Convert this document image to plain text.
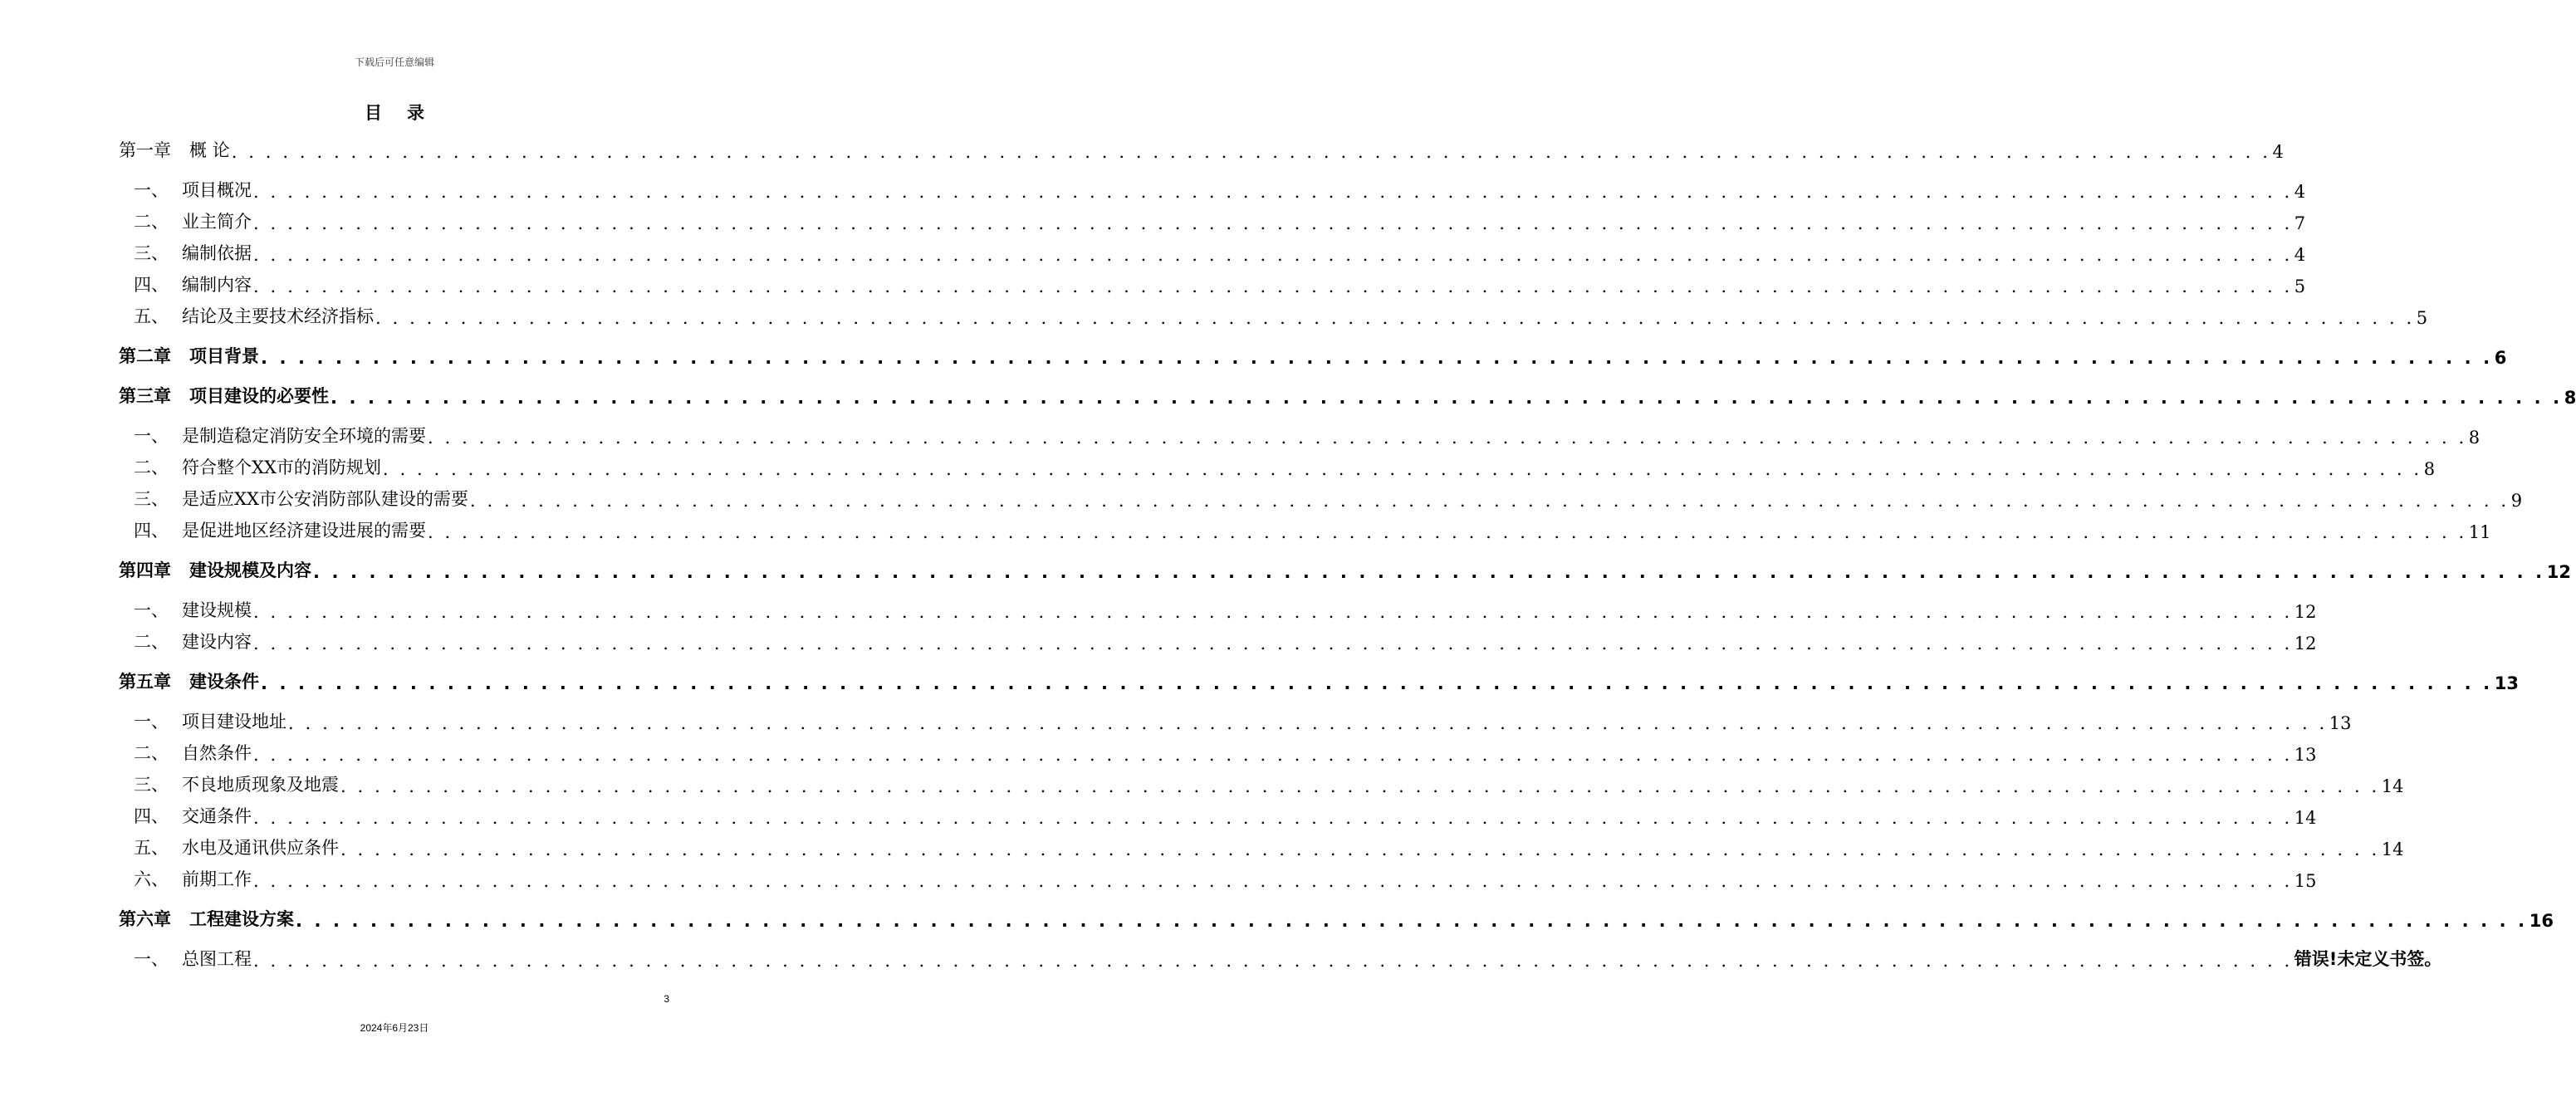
下载后可任意编辑
目录
第一章 概 论 . . . . . . . . . . . . . . . . . . . . . . . . . . . . . . . . . . . . . . . . . . . . . . . . . . . . . . . . . . . . . . . . . . . . . . . . . . . . . . . . . . . . . . . . . . . . . . . . . . . . . . . . . . . . . . . . . . . . . . . . 4
一、 项目概况 . . . . . . . . . . . . . . . . . . . . . . . . . . . . . . . . . . . . . . . . . . . . . . . . . . . . . . . . . . . . . . . . . . . . . . . . . . . . . . . . . . . . . . . . . . . . . . . . . . . . . . . . . . . . . . . . . . . . . . . . 4
二、 业主简介 . . . . . . . . . . . . . . . . . . . . . . . . . . . . . . . . . . . . . . . . . . . . . . . . . . . . . . . . . . . . . . . . . . . . . . . . . . . . . . . . . . . . . . . . . . . . . . . . . . . . . . . . . . . . . . . . . . . . . . . . 7
三、 编制依据 . . . . . . . . . . . . . . . . . . . . . . . . . . . . . . . . . . . . . . . . . . . . . . . . . . . . . . . . . . . . . . . . . . . . . . . . . . . . . . . . . . . . . . . . . . . . . . . . . . . . . . . . . . . . . . . . . . . . . . . . 4
四、 编制内容 . . . . . . . . . . . . . . . . . . . . . . . . . . . . . . . . . . . . . . . . . . . . . . . . . . . . . . . . . . . . . . . . . . . . . . . . . . . . . . . . . . . . . . . . . . . . . . . . . . . . . . . . . . . . . . . . . . . . . . . . 5
五、 结论及主要技术经济指标 . . . . . . . . . . . . . . . . . . . . . . . . . . . . . . . . . . . . . . . . . . . . . . . . . . . . . . . . . . . . . . . . . . . . . . . . . . . . . . . . . . . . . . . . . . . . . . . . . . . . . . . . . . . . . . . . . . . . . . . . 5
第二章 项目背景 . . . . . . . . . . . . . . . . . . . . . . . . . . . . . . . . . . . . . . . . . . . . . . . . . . . . . . . . . . . . . . . . . . . . . . . . . . . . . . . . . . . . . . . . . . . . . . . . . . . . . . . . . . . . . . . . . . . . . . . . 6
第三章 项目建设的必要性 . . . . . . . . . . . . . . . . . . . . . . . . . . . . . . . . . . . . . . . . . . . . . . . . . . . . . . . . . . . . . . . . . . . . . . . . . . . . . . . . . . . . . . . . . . . . . . . . . . . . . . . . . . . . . . . . . . . . . . . . 8
一、 是制造稳定消防安全环境的需要 . . . . . . . . . . . . . . . . . . . . . . . . . . . . . . . . . . . . . . . . . . . . . . . . . . . . . . . . . . . . . . . . . . . . . . . . . . . . . . . . . . . . . . . . . . . . . . . . . . . . . . . . . . . . . . . . . . . . . . . . 8
二、 符合整个XX市的消防规划 . . . . . . . . . . . . . . . . . . . . . . . . . . . . . . . . . . . . . . . . . . . . . . . . . . . . . . . . . . . . . . . . . . . . . . . . . . . . . . . . . . . . . . . . . . . . . . . . . . . . . . . . . . . . . . . . . . . . . . . . 8
三、 是适应XX市公安消防部队建设的需要 . . . . . . . . . . . . . . . . . . . . . . . . . . . . . . . . . . . . . . . . . . . . . . . . . . . . . . . . . . . . . . . . . . . . . . . . . . . . . . . . . . . . . . . . . . . . . . . . . . . . . . . . . . . . . . . . . . . . . . . . 9
四、 是促进地区经济建设进展的需要 . . . . . . . . . . . . . . . . . . . . . . . . . . . . . . . . . . . . . . . . . . . . . . . . . . . . . . . . . . . . . . . . . . . . . . . . . . . . . . . . . . . . . . . . . . . . . . . . . . . . . . . . . . . . . . . . . . . . . . . . 11
第四章 建设规模及内容 . . . . . . . . . . . . . . . . . . . . . . . . . . . . . . . . . . . . . . . . . . . . . . . . . . . . . . . . . . . . . . . . . . . . . . . . . . . . . . . . . . . . . . . . . . . . . . . . . . . . . . . . . . . . . . . . . . . . . . . . 12
一、 建设规模 . . . . . . . . . . . . . . . . . . . . . . . . . . . . . . . . . . . . . . . . . . . . . . . . . . . . . . . . . . . . . . . . . . . . . . . . . . . . . . . . . . . . . . . . . . . . . . . . . . . . . . . . . . . . . . . . . . . . . . . . 12
二、 建设内容 . . . . . . . . . . . . . . . . . . . . . . . . . . . . . . . . . . . . . . . . . . . . . . . . . . . . . . . . . . . . . . . . . . . . . . . . . . . . . . . . . . . . . . . . . . . . . . . . . . . . . . . . . . . . . . . . . . . . . . . . 12
第五章 建设条件 . . . . . . . . . . . . . . . . . . . . . . . . . . . . . . . . . . . . . . . . . . . . . . . . . . . . . . . . . . . . . . . . . . . . . . . . . . . . . . . . . . . . . . . . . . . . . . . . . . . . . . . . . . . . . . . . . . . . . . . . 13
一、 项目建设地址 . . . . . . . . . . . . . . . . . . . . . . . . . . . . . . . . . . . . . . . . . . . . . . . . . . . . . . . . . . . . . . . . . . . . . . . . . . . . . . . . . . . . . . . . . . . . . . . . . . . . . . . . . . . . . . . . . . . . . . . . 13
二、 自然条件 . . . . . . . . . . . . . . . . . . . . . . . . . . . . . . . . . . . . . . . . . . . . . . . . . . . . . . . . . . . . . . . . . . . . . . . . . . . . . . . . . . . . . . . . . . . . . . . . . . . . . . . . . . . . . . . . . . . . . . . . 13
三、 不良地质现象及地震 . . . . . . . . . . . . . . . . . . . . . . . . . . . . . . . . . . . . . . . . . . . . . . . . . . . . . . . . . . . . . . . . . . . . . . . . . . . . . . . . . . . . . . . . . . . . . . . . . . . . . . . . . . . . . . . . . . . . . . . . 14
四、 交通条件 . . . . . . . . . . . . . . . . . . . . . . . . . . . . . . . . . . . . . . . . . . . . . . . . . . . . . . . . . . . . . . . . . . . . . . . . . . . . . . . . . . . . . . . . . . . . . . . . . . . . . . . . . . . . . . . . . . . . . . . . 14
五、 水电及通讯供应条件 . . . . . . . . . . . . . . . . . . . . . . . . . . . . . . . . . . . . . . . . . . . . . . . . . . . . . . . . . . . . . . . . . . . . . . . . . . . . . . . . . . . . . . . . . . . . . . . . . . . . . . . . . . . . . . . . . . . . . . . . 14
六、 前期工作 . . . . . . . . . . . . . . . . . . . . . . . . . . . . . . . . . . . . . . . . . . . . . . . . . . . . . . . . . . . . . . . . . . . . . . . . . . . . . . . . . . . . . . . . . . . . . . . . . . . . . . . . . . . . . . . . . . . . . . . . 15
第六章 工程建设方案 . . . . . . . . . . . . . . . . . . . . . . . . . . . . . . . . . . . . . . . . . . . . . . . . . . . . . . . . . . . . . . . . . . . . . . . . . . . . . . . . . . . . . . . . . . . . . . . . . . . . . . . . . . . . . . . . . . . . . . . . 16
一、 总图工程 . . . . . . . . . . . . . . . . . . . . . . . . . . . . . . . . . . . . . . . . . . . . . . . . . . . . . . . . . . . . . . . . . . . . . . . . . . . . . . . . . . . . . . . . . . . . . . . . . . . . . . . . . . . . . . . . . . . . . . . . 错误!未定义书签。
3
2024年6月23日
